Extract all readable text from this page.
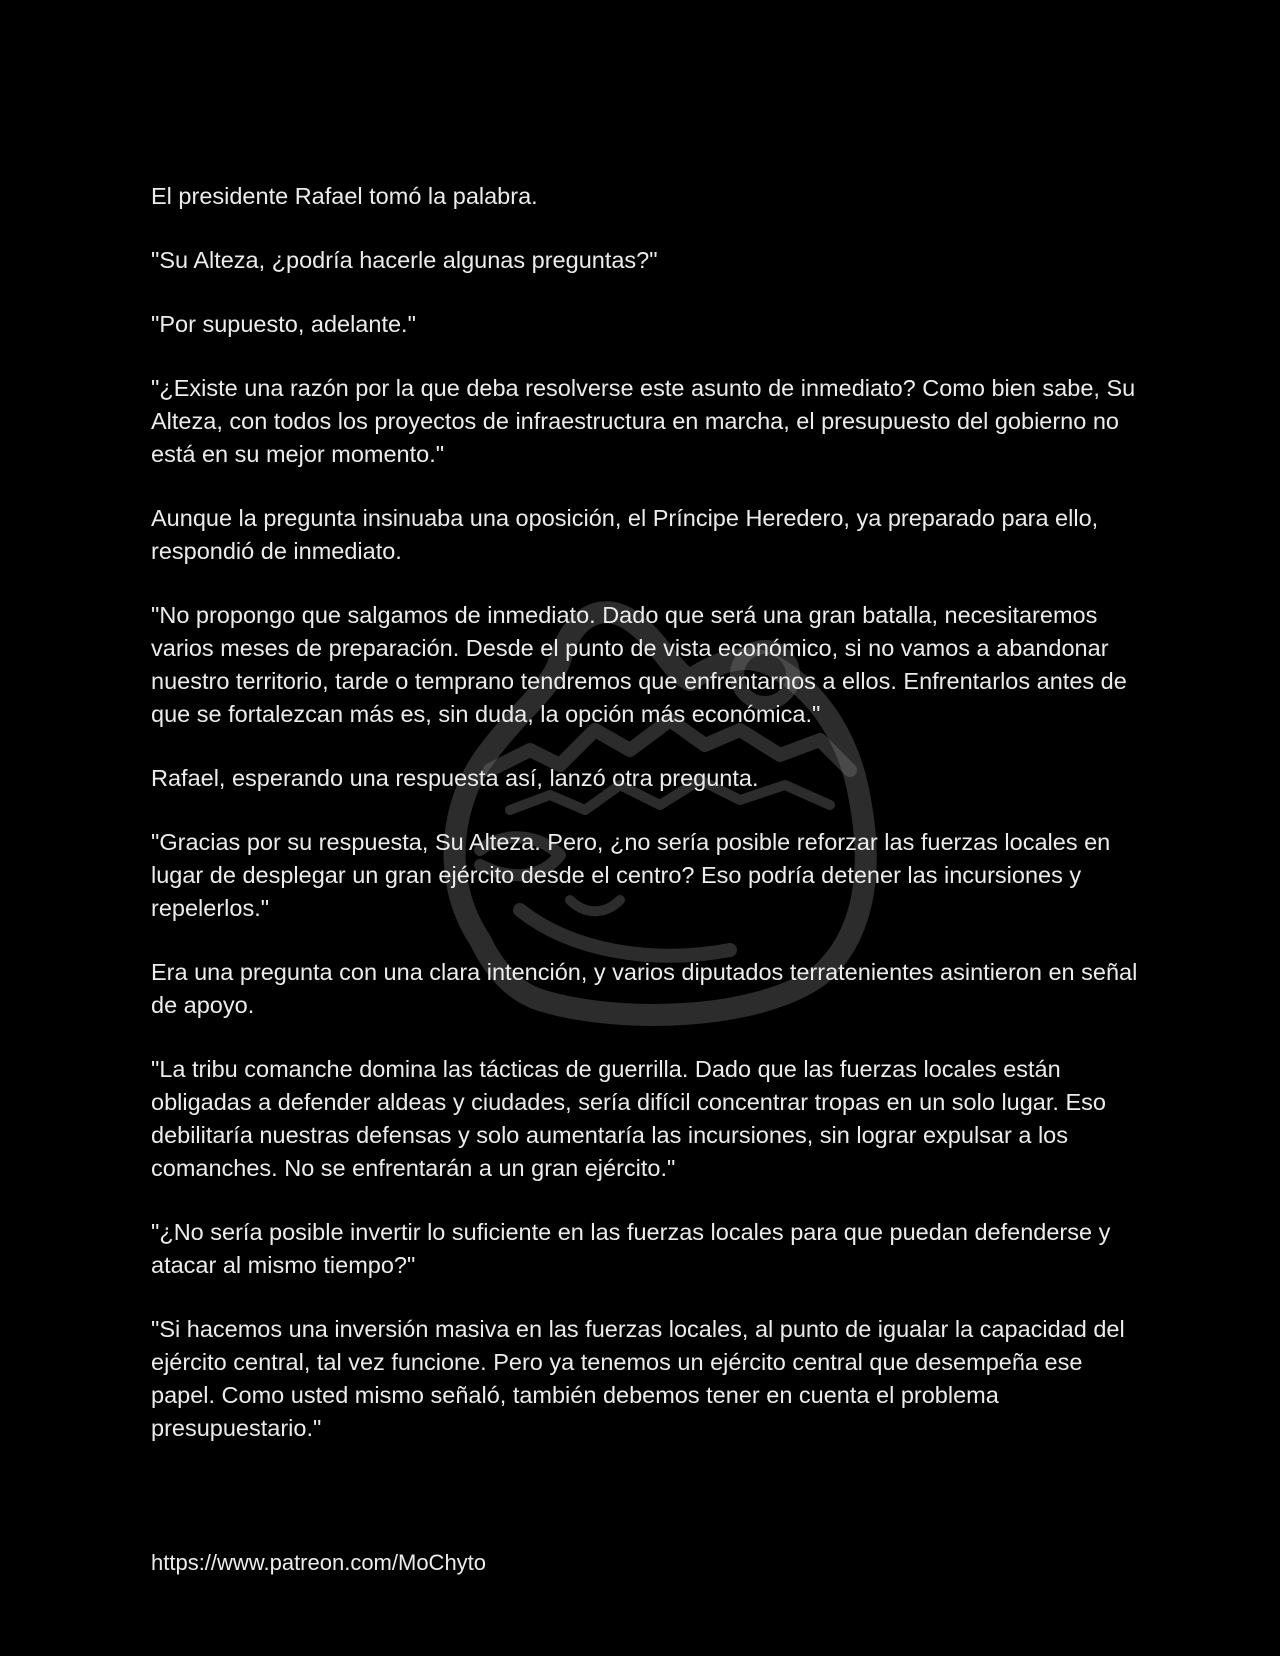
El presidente Rafael tomó la palabra.

"Su Alteza, ¿podría hacerle algunas preguntas?"

"Por supuesto, adelante."

"¿Existe una razón por la que deba resolverse este asunto de inmediato? Como bien sabe, Su Alteza, con todos los proyectos de infraestructura en marcha, el presupuesto del gobierno no está en su mejor momento."

Aunque la pregunta insinuaba una oposición, el Príncipe Heredero, ya preparado para ello, respondió de inmediato.

"No propongo que salgamos de inmediato. Dado que será una gran batalla, necesitaremos varios meses de preparación. Desde el punto de vista económico, si no vamos a abandonar nuestro territorio, tarde o temprano tendremos que enfrentarnos a ellos. Enfrentarlos antes de que se fortalezcan más es, sin duda, la opción más económica."

Rafael, esperando una respuesta así, lanzó otra pregunta.

"Gracias por su respuesta, Su Alteza. Pero, ¿no sería posible reforzar las fuerzas locales en lugar de desplegar un gran ejército desde el centro? Eso podría detener las incursiones y repelerlos."

Era una pregunta con una clara intención, y varios diputados terratenientes asintieron en señal de apoyo.

"La tribu comanche domina las tácticas de guerrilla. Dado que las fuerzas locales están obligadas a defender aldeas y ciudades, sería difícil concentrar tropas en un solo lugar. Eso debilitaría nuestras defensas y solo aumentaría las incursiones, sin lograr expulsar a los comanches. No se enfrentarán a un gran ejército."

"¿No sería posible invertir lo suficiente en las fuerzas locales para que puedan defenderse y atacar al mismo tiempo?"

"Si hacemos una inversión masiva en las fuerzas locales, al punto de igualar la capacidad del ejército central, tal vez funcione. Pero ya tenemos un ejército central que desempeña ese papel. Como usted mismo señaló, también debemos tener en cuenta el problema presupuestario."

https://www.patreon.com/MoChyto
